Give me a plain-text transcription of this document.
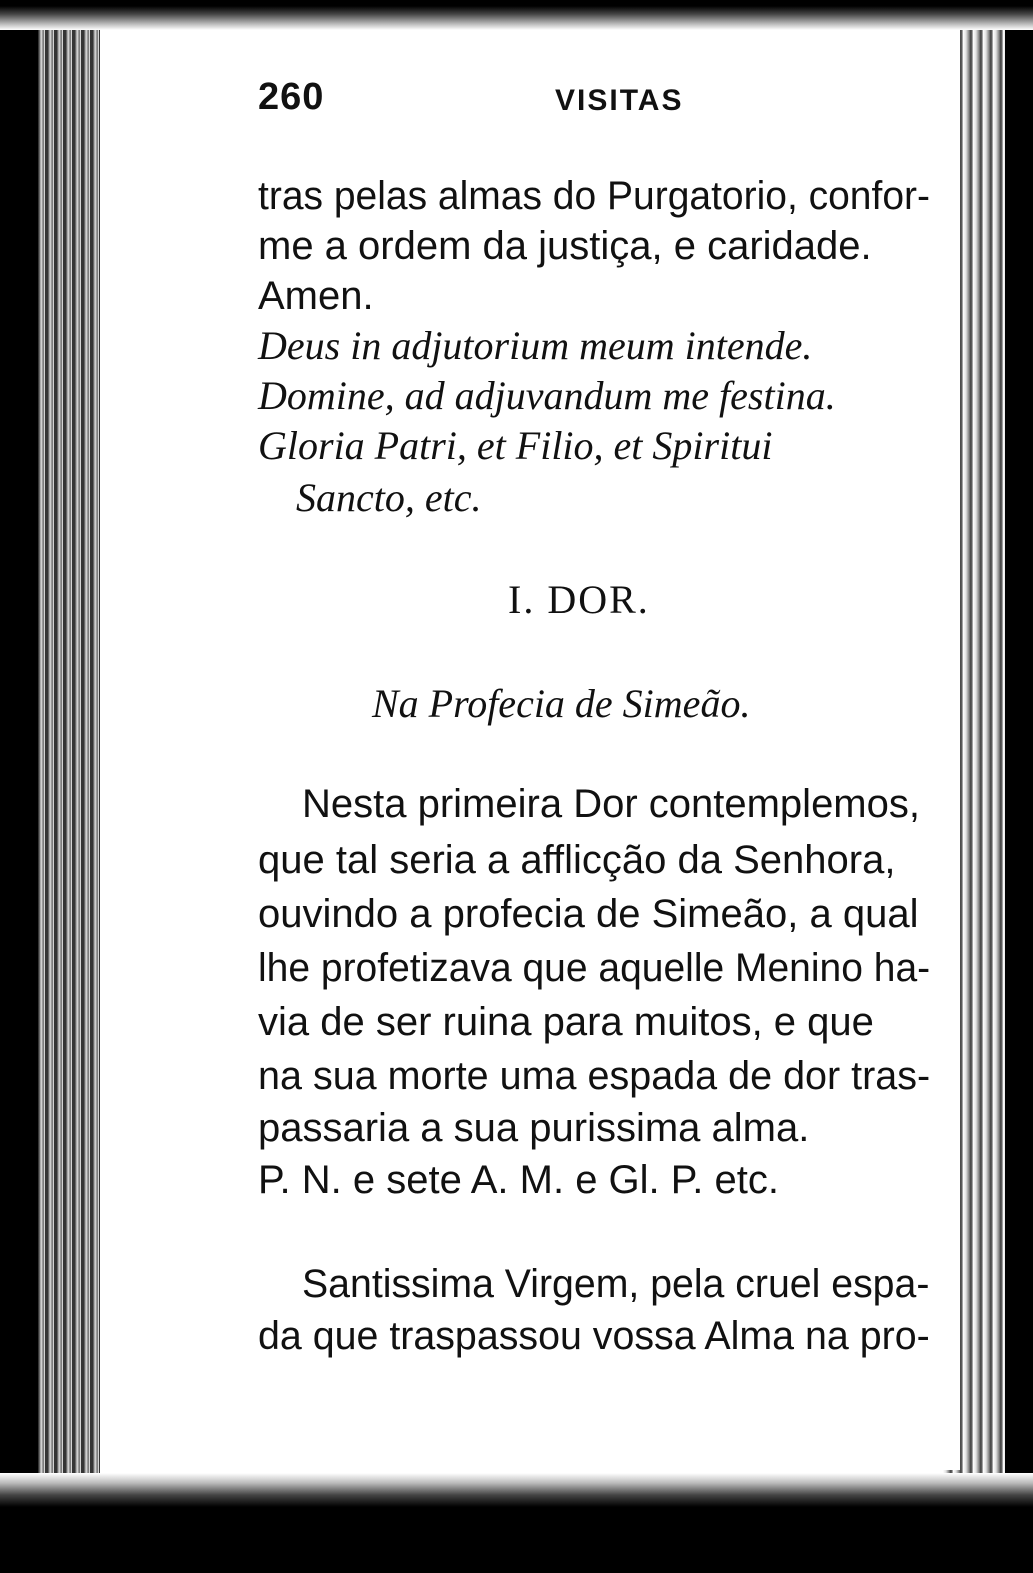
260	VISITAS
tras pelas almas do Purgatorio, confor-
me a ordem da justiça, e caridade.
Amen.
Deus in adjutorium meum intende.
Domine, ad adjuvandum me festina.
Gloria Patri, et Filio, et Spiritui
Sancto, etc.
I. DOR.
Na Profecia de Simeão.
Nesta primeira Dor contemplemos,
que tal seria a afflicção da Senhora,
ouvindo a profecia de Simeão, a qual
lhe profetizava que aquelle Menino ha-
via de ser ruina para muitos, e que
na sua morte uma espada de dor tras-
passaria a sua purissima alma.
P. N. e sete A. M. e Gl. P. etc.
Santissima Virgem, pela cruel espa-
da que traspassou vossa Alma na pro-
